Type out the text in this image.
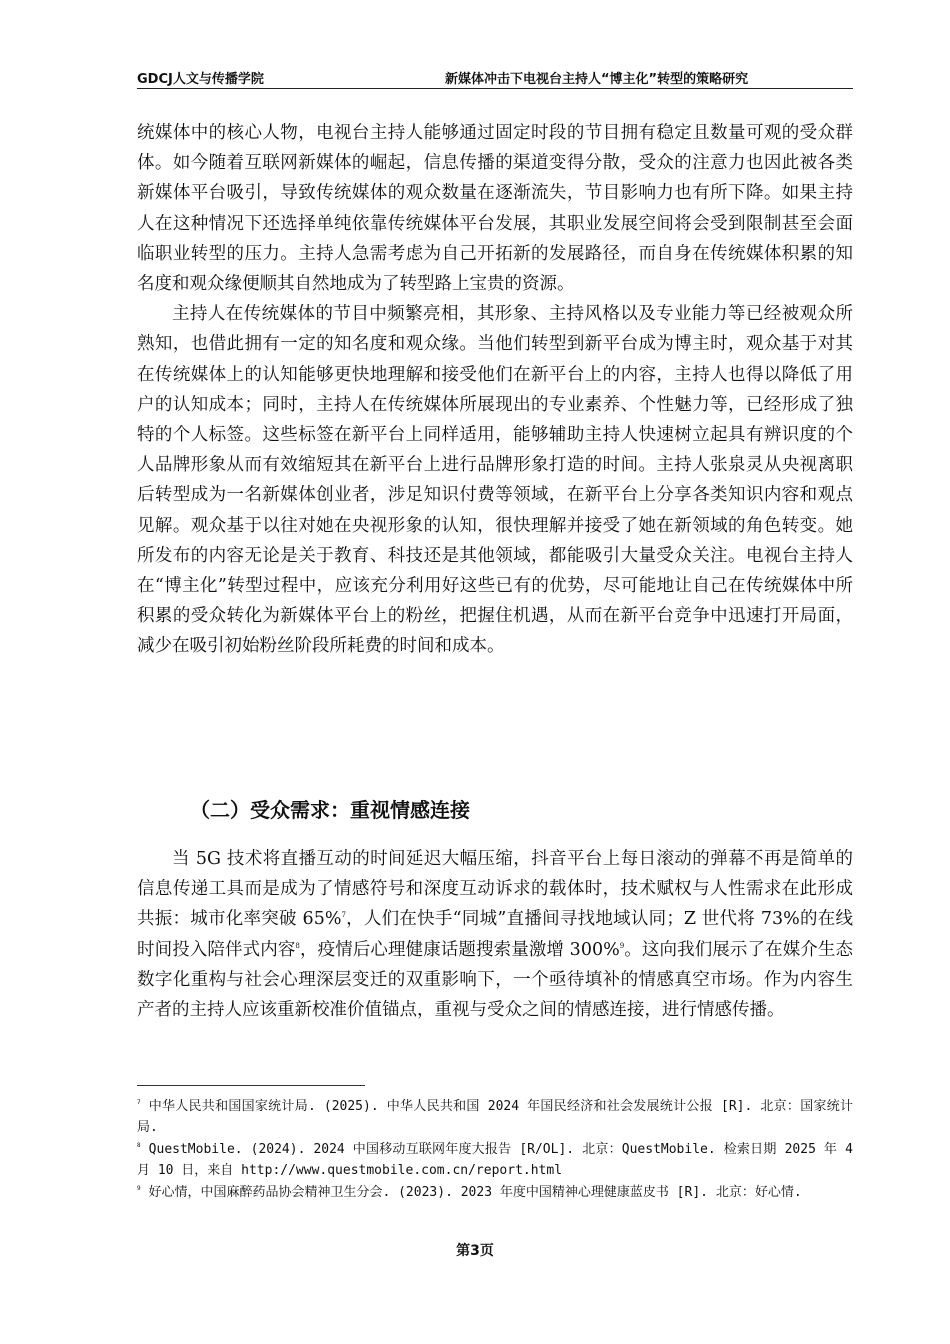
GDCJ人文与传播学院	新媒体冲击下电视台主持人“博主化”转型的策略研究

统媒体中的核心人物，电视台主持人能够通过固定时段的节目拥有稳定且数量可观的受众群体。如今随着互联网新媒体的崛起，信息传播的渠道变得分散，受众的注意力也因此被各类新媒体平台吸引，导致传统媒体的观众数量在逐渐流失，节目影响力也有所下降。如果主持人在这种情况下还选择单纯依靠传统媒体平台发展，其职业发展空间将会受到限制甚至会面临职业转型的压力。主持人急需考虑为自己开拓新的发展路径，而自身在传统媒体积累的知名度和观众缘便顺其自然地成为了转型路上宝贵的资源。

主持人在传统媒体的节目中频繁亮相，其形象、主持风格以及专业能力等已经被观众所熟知，也借此拥有一定的知名度和观众缘。当他们转型到新平台成为博主时，观众基于对其在传统媒体上的认知能够更快地理解和接受他们在新平台上的内容，主持人也得以降低了用户的认知成本；同时，主持人在传统媒体所展现出的专业素养、个性魅力等，已经形成了独特的个人标签。这些标签在新平台上同样适用，能够辅助主持人快速树立起具有辨识度的个人品牌形象从而有效缩短其在新平台上进行品牌形象打造的时间。主持人张泉灵从央视离职后转型成为一名新媒体创业者，涉足知识付费等领域，在新平台上分享各类知识内容和观点见解。观众基于以往对她在央视形象的认知，很快理解并接受了她在新领域的角色转变。她所发布的内容无论是关于教育、科技还是其他领域，都能吸引大量受众关注。电视台主持人在“博主化”转型过程中，应该充分利用好这些已有的优势，尽可能地让自己在传统媒体中所积累的受众转化为新媒体平台上的粉丝，把握住机遇，从而在新平台竞争中迅速打开局面，减少在吸引初始粉丝阶段所耗费的时间和成本。

（二）受众需求：重视情感连接

当 5G 技术将直播互动的时间延迟大幅压缩，抖音平台上每日滚动的弹幕不再是简单的信息传递工具而是成为了情感符号和深度互动诉求的载体时，技术赋权与人性需求在此形成共振：城市化率突破 65%$^7$，人们在快手“同城”直播间寻找地域认同；Z 世代将 73%的在线时间投入陪伴式内容$^8$，疫情后心理健康话题搜索量激增 300%$^9$。这向我们展示了在媒介生态数字化重构与社会心理深层变迁的双重影响下，一个亟待填补的情感真空市场。作为内容生产者的主持人应该重新校准价值锚点，重视与受众之间的情感连接，进行情感传播。

$^7$ 中华人民共和国国家统计局. (2025). 中华人民共和国 2024 年国民经济和社会发展统计公报 [R]. 北京：国家统计局.

$^8$ QuestMobile. (2024). 2024 中国移动互联网年度大报告 [R/OL]. 北京：QuestMobile. 检索日期 2025 年 4 月 10 日，来自 http://www.questmobile.com.cn/report.html

$^9$ 好心情，中国麻醉药品协会精神卫生分会. (2023). 2023 年度中国精神心理健康蓝皮书 [R]. 北京：好心情.

第3页
